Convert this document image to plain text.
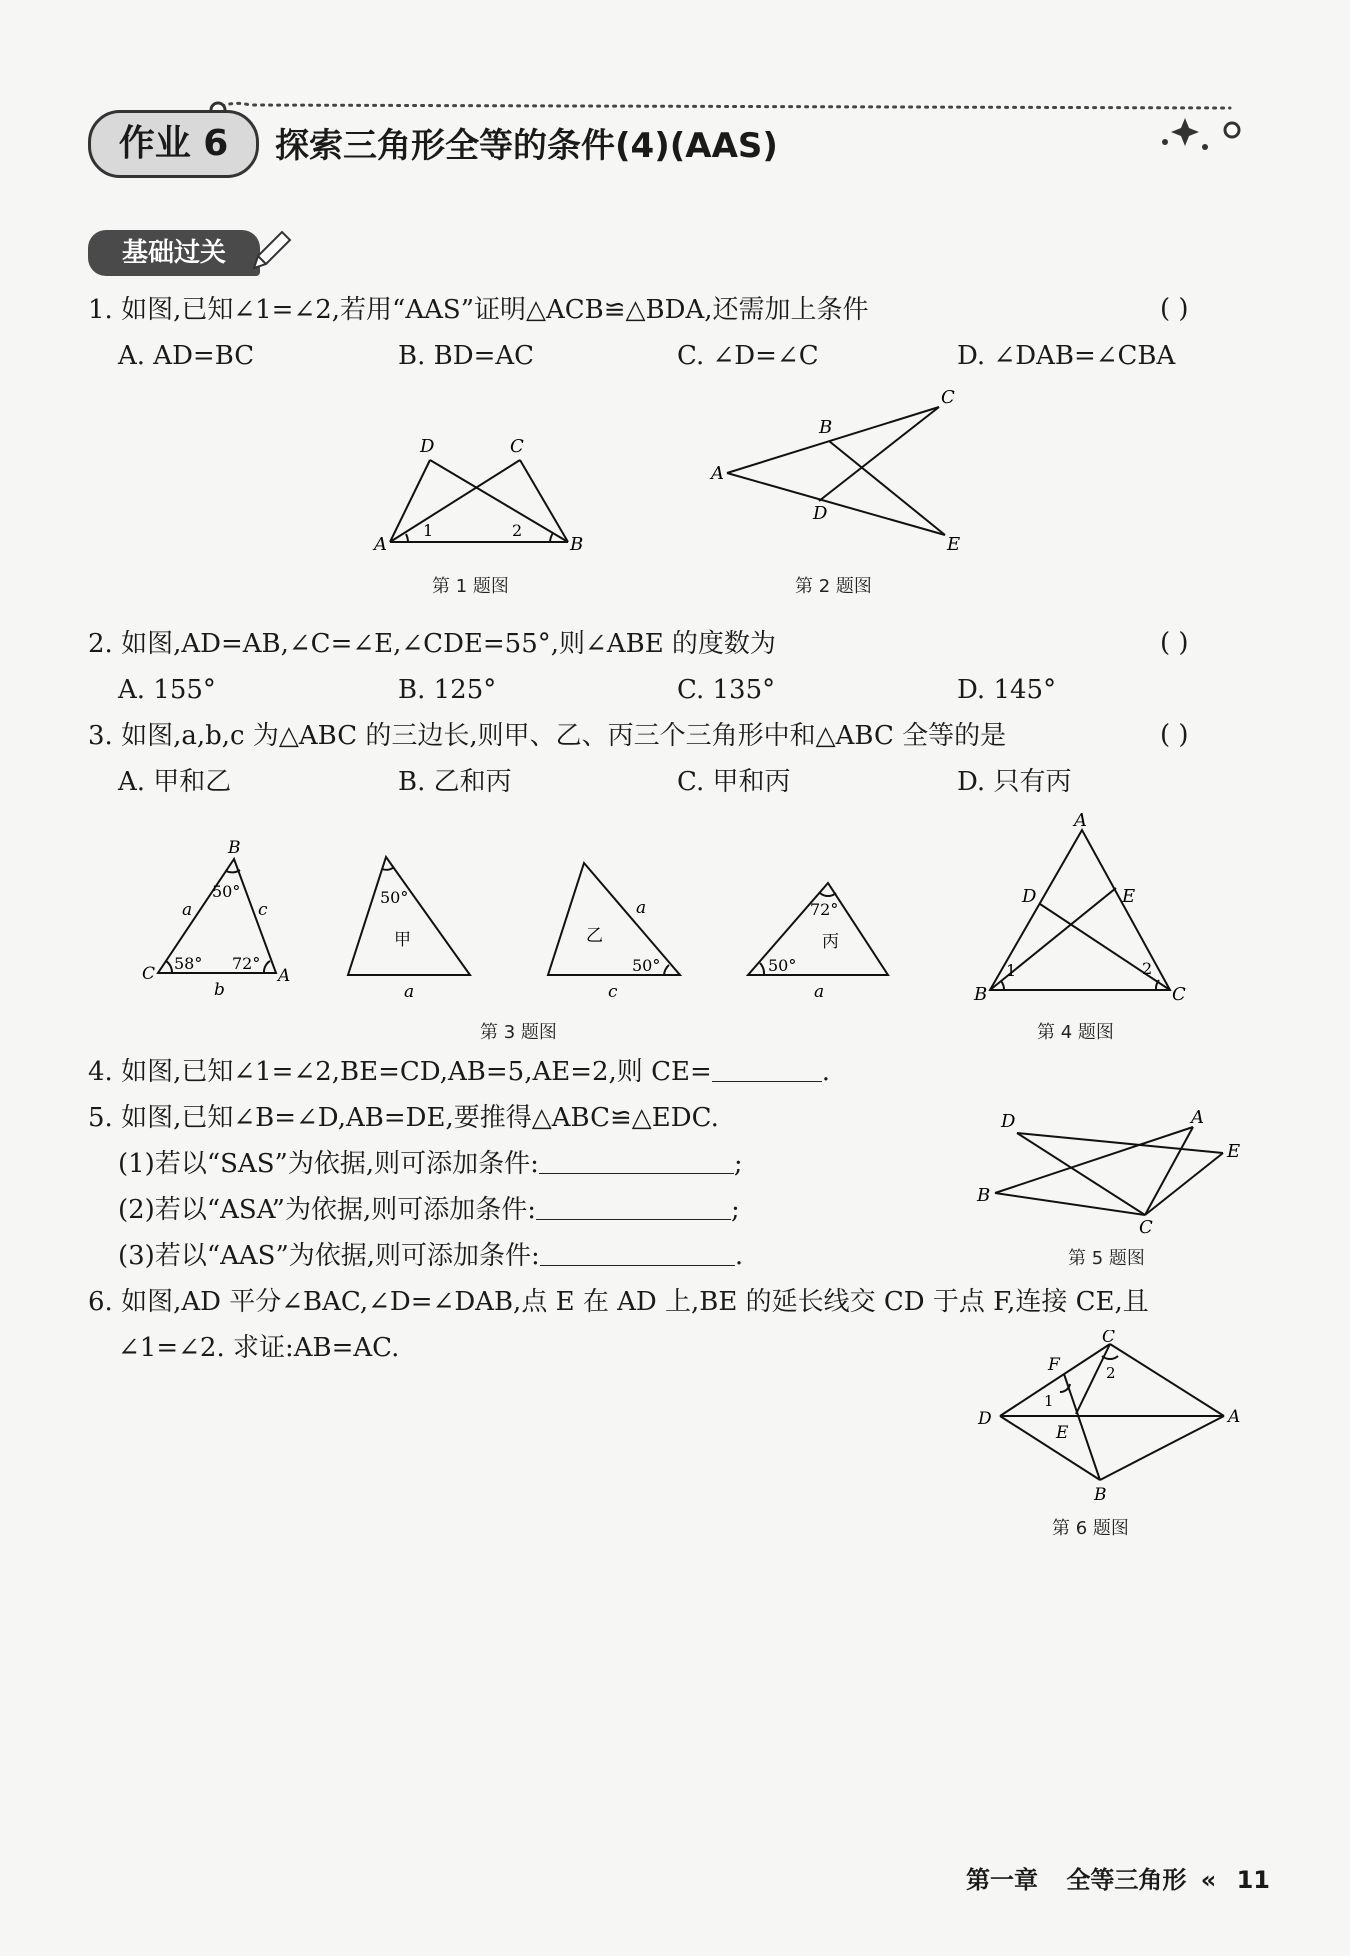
作业 6	探索三角形全等的条件(4)(AAS)
基础过关
1. 如图,已知∠1=∠2,若用“AAS”证明△ACB≌△BDA,还需加上条件	( )
A. AD=BC	B. BD=AC	C. ∠D=∠C	D. ∠DAB=∠CBA
D	C
A	B
1	2
第 1 题图
C
B
A
D
E
第 2 题图
2. 如图,AD=AB,∠C=∠E,∠CDE=55°,则∠ABE 的度数为	( )
A. 155°	B. 125°	C. 135°	D. 145°
3. 如图,a,b,c 为△ABC 的三边长,则甲、乙、丙三个三角形中和△ABC 全等的是	( )
A. 甲和乙	B. 乙和丙	C. 甲和丙	D. 只有丙
B
a	c
50°
C
58° 72°
A
b
50°
甲
a
乙
a
50°
c
72°
丙
50°
a
第 3 题图
A
D	E
1	2
B	C
第 4 题图
4. 如图,已知∠1=∠2,BE=CD,AB=5,AE=2,则 CE=	.
5. 如图,已知∠B=∠D,AB=DE,要推得△ABC≌△EDC.
(1)若以“SAS”为依据,则可添加条件:	;
(2)若以“ASA”为依据,则可添加条件:	;
(3)若以“AAS”为依据,则可添加条件:	.
D	A
E
B
C
第 5 题图
6. 如图,AD 平分∠BAC,∠D=∠DAB,点 E 在 AD 上,BE 的延长线交 CD 于点 F,连接 CE,且
∠1=∠2. 求证:AB=AC.	C
F	2
1
D
E
A
B
第 6 题图
第一章 全等三角形 « 11
